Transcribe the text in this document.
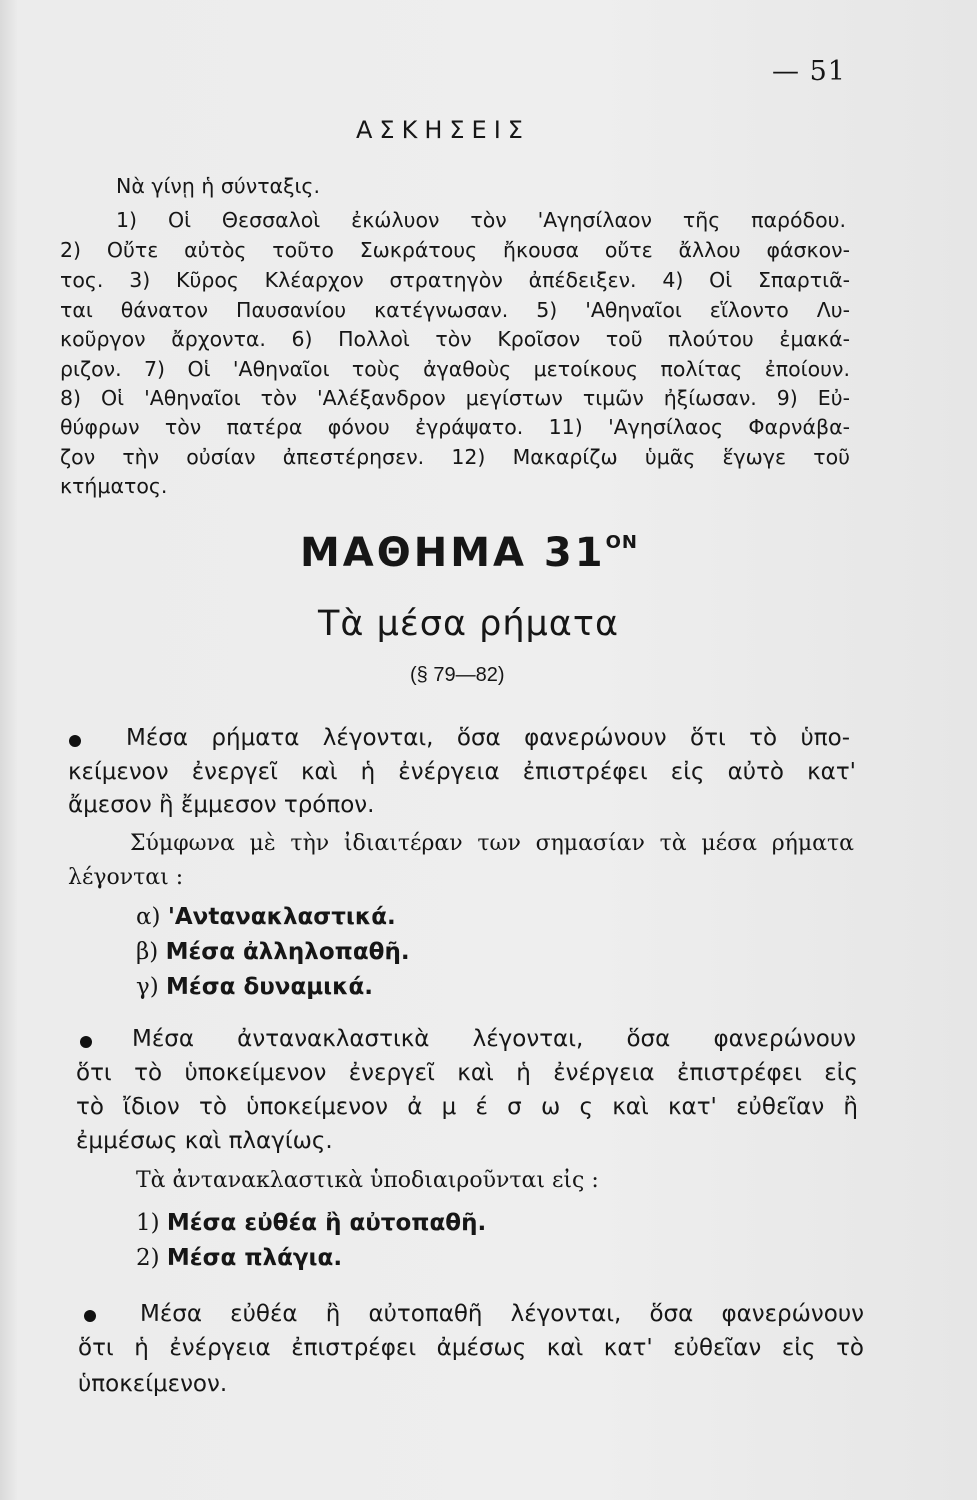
— 51
ΑΣΚΗΣΕΙΣ
Νὰ γίνῃ ἡ σύνταξις.
1) Οἱ Θεσσαλοὶ ἐκώλυον τὸν 'Αγησίλαον τῆς παρόδου.
2) Οὔτε αὐτὸς τοῦτο Σωκράτους ἤκουσα οὔτε ἄλλου φάσκον-
τος. 3) Κῦρος Κλέαρχον στρατηγὸν ἀπέδειξεν. 4) Οἱ Σπαρτιᾶ-
ται θάνατον Παυσανίου κατέγνωσαν. 5) 'Αθηναῖοι εἵλοντο Λυ-
κοῦργον ἄρχοντα. 6) Πολλοὶ τὸν Κροῖσον τοῦ πλούτου ἐμακά-
ριζον. 7) Οἱ 'Αθηναῖοι τοὺς ἀγαθοὺς μετοίκους πολίτας ἐποίουν.
8) Οἱ 'Αθηναῖοι τὸν 'Αλέξανδρον μεγίστων τιμῶν ἠξίωσαν. 9) Εὐ-
θύφρων τὸν πατέρα φόνου ἐγράψατο. 11) 'Αγησίλαος Φαρνάβα-
ζον τὴν οὐσίαν ἀπεστέρησεν. 12) Μακαρίζω ὑμᾶς ἕγωγε τοῦ
κτήματος.
ΜΑΘΗΜΑ $31^{ON}$
Τὰ μέσα ρήματα
(§ 79—82)
Μέσα ρήματα λέγονται, ὅσα φανερώνουν ὅτι τὸ ὑπο-
κείμενον ἐνεργεῖ καὶ ἡ ἐνέργεια ἐπιστρέφει εἰς αὐτὸ κατ'
ἄμεσον ἢ ἔμμεσον τρόπον.
Σύμφωνα μὲ τὴν ἰδιαιτέραν των σημασίαν τὰ μέσα ρήματα
λέγονται :
α) 'Ανtανακλαστικά.
β) Μέσα ἀλληλοπαθῆ.
γ) Μέσα δυναμικά.
Μέσα ἀντανακλαστικὰ λέγονται, ὅσα φανερώνουν
ὅτι τὸ ὑποκείμενον ἐνεργεῖ καὶ ἡ ἐνέργεια ἐπιστρέφει εἰς
τὸ ἴδιον τὸ ὑποκείμενον ἀ μ έ σ ω ς καὶ κατ' εὐθεῖαν ἢ
ἐμμέσως καὶ πλαγίως.
Τὰ ἀντανακλαστικὰ ὑποδιαιροῦνται εἰς :
1) Μέσα εὐθέα ἢ αὐτοπαθῆ.
2) Μέσα πλάγια.
Μέσα εὐθέα ἢ αὐτοπαθῆ λέγονται, ὅσα φανερώνουν
ὅτι ἡ ἐνέργεια ἐπιστρέφει ἀμέσως καὶ κατ' εὐθεῖαν εἰς τὸ
ὑποκείμενον.
